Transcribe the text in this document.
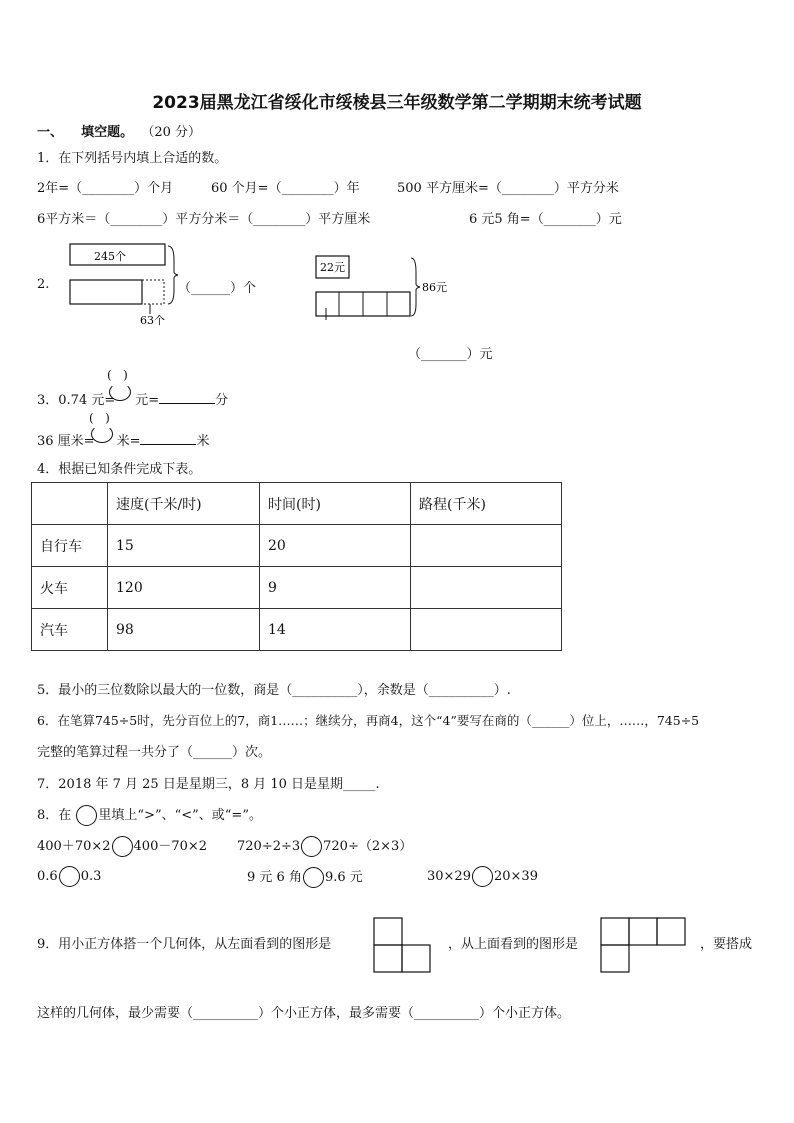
2023届黑龙江省绥化市绥棱县三年级数学第二学期期末统考试题
一、 填空题。 （20 分）
1．在下列括号内填上合适的数。
2年=（________）个月	60 个月=（________）年	500 平方厘米=（________）平方分米
6平方米＝（________）平方分米＝（________）平方厘米	6 元5 角=（________）元
2.
245个
63个
（______）个
22元
86元
（_______）元
3．0.74 元= 元=	分
(   )
36 厘米= 米=	米
(   )
4．根据已知条件完成下表。
	速度(千米/时)	时间(时)	路程(千米)
自行车	15	20	
火车	120	9	
汽车	98	14	
5．最小的三位数除以最大的一位数，商是（__________），余数是（__________）.
6．在笔算745÷5时，先分百位上的7，商1……；继续分，再商4，这个“4”要写在商的（______）位上，……，745÷5
完整的笔算过程一共分了（______）次。
7．2018 年 7 月 25 日是星期三，8 月 10 日是星期_____.
8．在 里填上“>”、“<”、或“=”。
400＋70×2 400－70×2 720÷2÷3 720÷（2×3）
0.6 0.3	9 元 6 角 9.6 元	30×29 20×39
9．用小正方体搭一个几何体，从左面看到的图形是	，从上面看到的图形是	，要搭成
这样的几何体，最少需要（__________）个小正方体，最多需要（__________）个小正方体。
